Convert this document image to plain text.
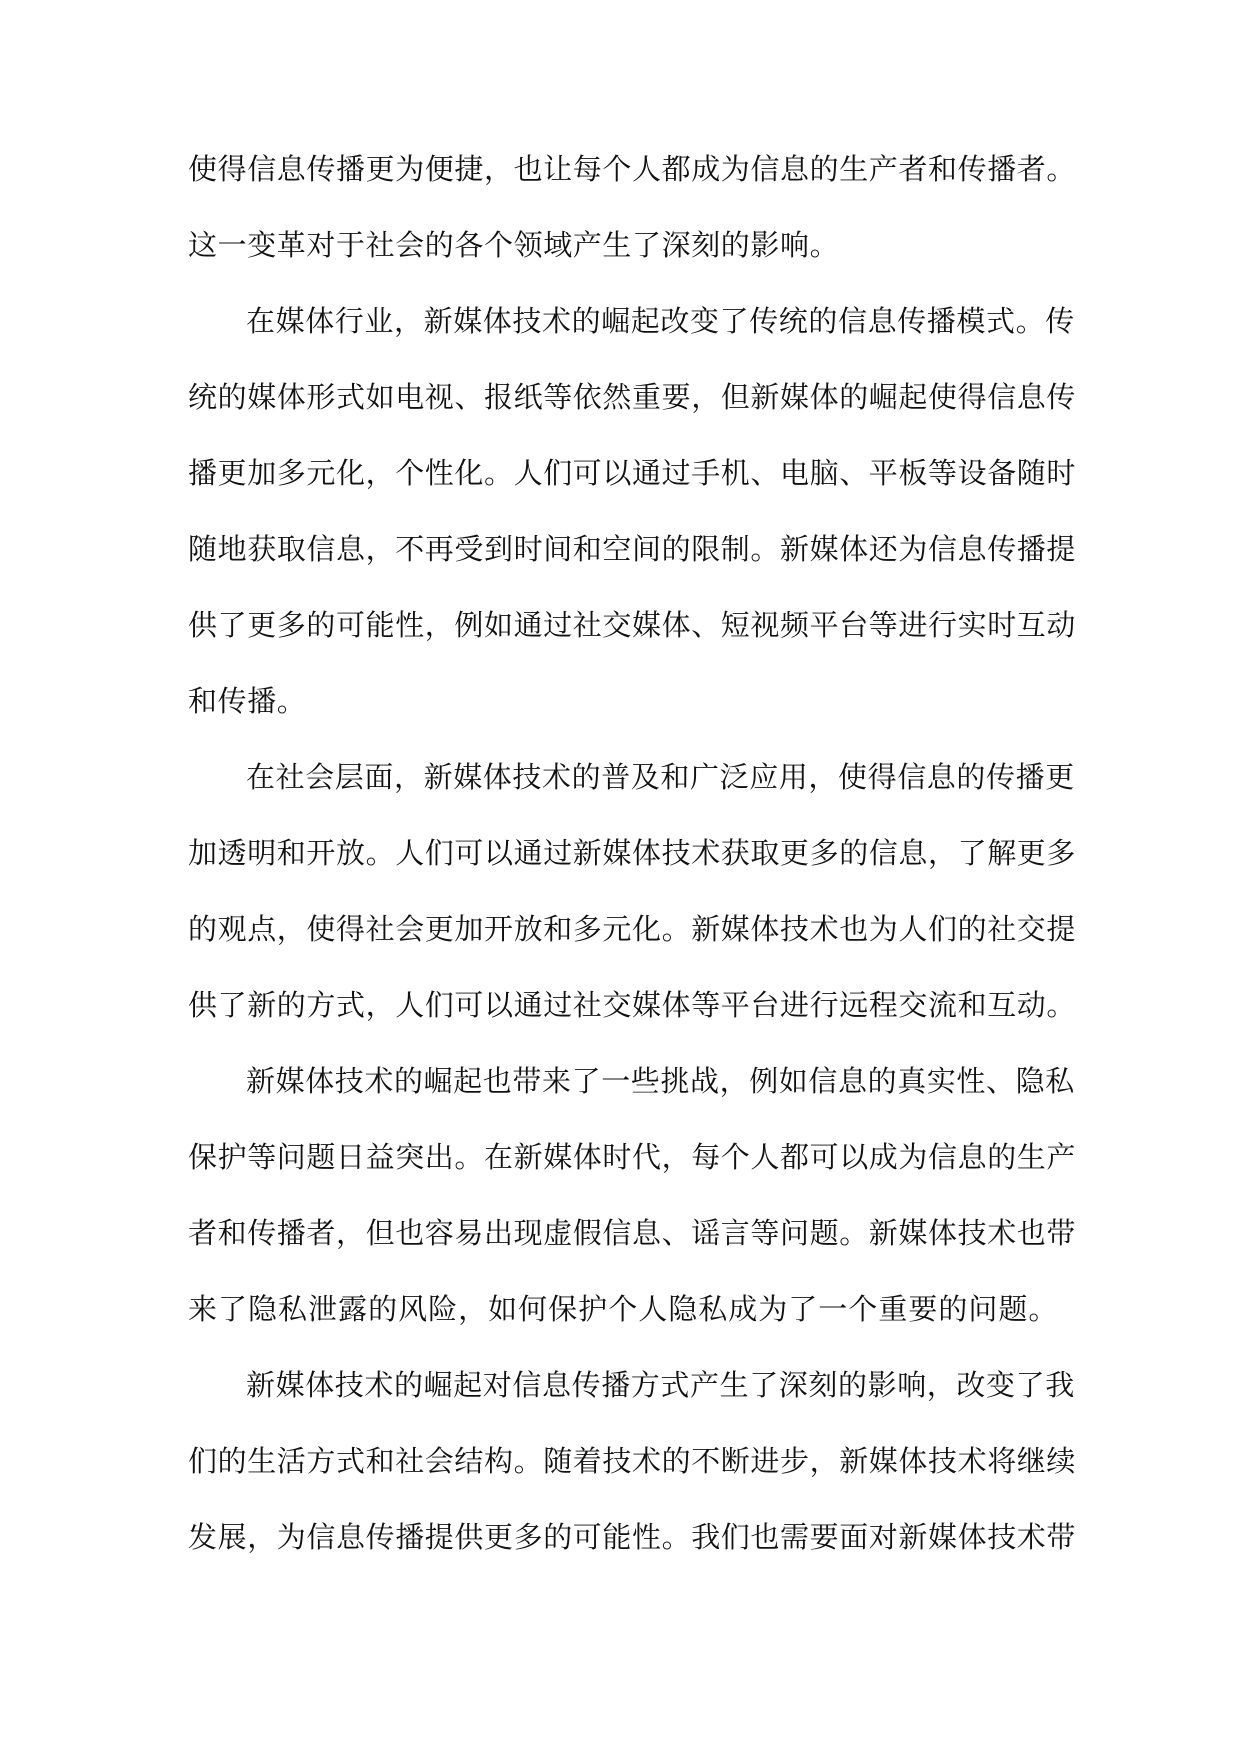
使得信息传播更为便捷，也让每个人都成为信息的生产者和传播者。
这一变革对于社会的各个领域产生了深刻的影响。
在媒体行业，新媒体技术的崛起改变了传统的信息传播模式。传
统的媒体形式如电视、报纸等依然重要，但新媒体的崛起使得信息传
播更加多元化，个性化。人们可以通过手机、电脑、平板等设备随时
随地获取信息，不再受到时间和空间的限制。新媒体还为信息传播提
供了更多的可能性，例如通过社交媒体、短视频平台等进行实时互动
和传播。
在社会层面，新媒体技术的普及和广泛应用，使得信息的传播更
加透明和开放。人们可以通过新媒体技术获取更多的信息，了解更多
的观点，使得社会更加开放和多元化。新媒体技术也为人们的社交提
供了新的方式，人们可以通过社交媒体等平台进行远程交流和互动。
新媒体技术的崛起也带来了一些挑战，例如信息的真实性、隐私
保护等问题日益突出。在新媒体时代，每个人都可以成为信息的生产
者和传播者，但也容易出现虚假信息、谣言等问题。新媒体技术也带
来了隐私泄露的风险，如何保护个人隐私成为了一个重要的问题。
新媒体技术的崛起对信息传播方式产生了深刻的影响，改变了我
们的生活方式和社会结构。随着技术的不断进步，新媒体技术将继续
发展，为信息传播提供更多的可能性。我们也需要面对新媒体技术带
